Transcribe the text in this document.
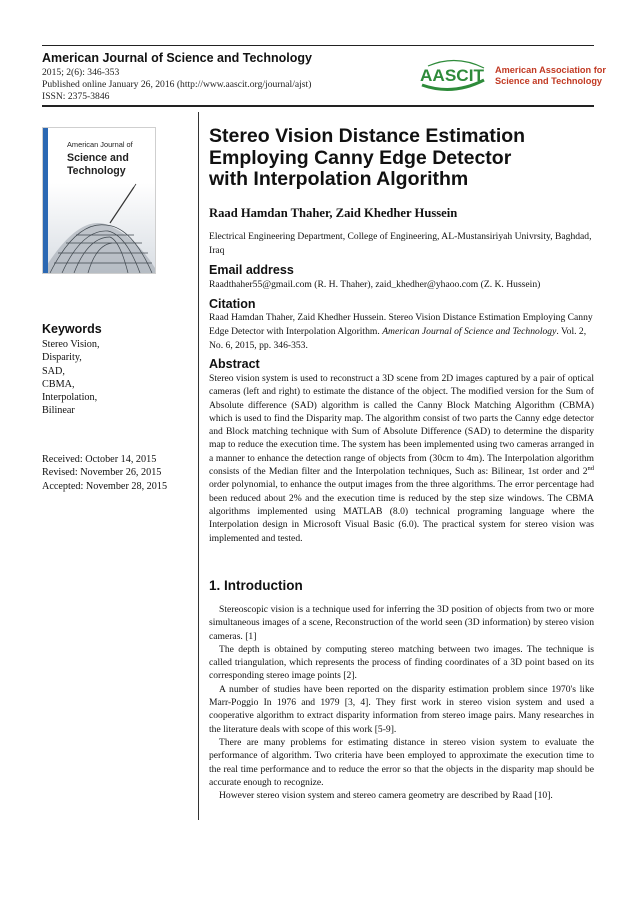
American Journal of Science and Technology
2015; 2(6): 346-353
Published online January 26, 2016 (http://www.aascit.org/journal/ajst)
ISSN: 2375-3846
AASCIT American Association for
Science and Technology
American Journal of
Science and
Technology
Keywords
Stereo Vision,
Disparity,
SAD,
CBMA,
Interpolation,
Bilinear
Received: October 14, 2015
Revised: November 26, 2015
Accepted: November 28, 2015
Stereo Vision Distance Estimation
Employing Canny Edge Detector
with Interpolation Algorithm
Raad Hamdan Thaher, Zaid Khedher Hussein
Electrical Engineering Department, College of Engineering, AL-Mustansiriyah Univrsity, Baghdad, Iraq
Email address
Raadthaher55@gmail.com (R. H. Thaher), zaid_khedher@yhaoo.com (Z. K. Hussein)
Citation
Raad Hamdan Thaher, Zaid Khedher Hussein. Stereo Vision Distance Estimation Employing Canny Edge Detector with Interpolation Algorithm. American Journal of Science and Technology. Vol. 2, No. 6, 2015, pp. 346-353.
Abstract
Stereo vision system is used to reconstruct a 3D scene from 2D images captured by a pair of optical cameras (left and right) to estimate the distance of the object. The modified version for the Sum of Absolute difference (SAD) algorithm is called the Canny Block Matching Algorithm (CBMA) which is used to find the Disparity map. The algorithm consist of two parts the Canny edge detector and Block matching technique with Sum of Absolute Difference (SAD) to determine the disparity map to reduce the execution time. The system has been implemented using two cameras arranged in a manner to enhance the detection range of objects from (30cm to 4m). The Interpolation algorithm consists of the Median filter and the Interpolation techniques, Such as: Bilinear, 1st order and 2nd order polynomial, to enhance the output images from the three algorithms. The error percentage had been reduced about 2% and the execution time is reduced by the step size windows. The CBMA algorithms implemented using MATLAB (8.0) technical programing language where the Interpolation design in Microsoft Visual Basic (6.0). The practical system for stereo vision was implemented and tested.
1. Introduction

Stereoscopic vision is a technique used for inferring the 3D position of objects from two or more simultaneous images of a scene, Reconstruction of the world seen (3D information) by stereo vision cameras. [1]

The depth is obtained by computing stereo matching between two images. The technique is called triangulation, which represents the process of finding coordinates of a 3D point based on its corresponding stereo image points [2].

A number of studies have been reported on the disparity estimation problem since 1970's like Marr-Poggio In 1976 and 1979 [3, 4]. They first work in stereo vision system and used a cooperative algorithm to extract disparity information from stereo image pairs. Many researches in the literature deals with scope of this work [5-9].

There are many problems for estimating distance in stereo vision system to evaluate the performance of algorithm. Two criteria have been employed to approximate the execution time to the real time performance and to reduce the error so that the objects in the disparity map should be accurate enough to recognize.

However stereo vision system and stereo camera geometry are described by Raad [10].
